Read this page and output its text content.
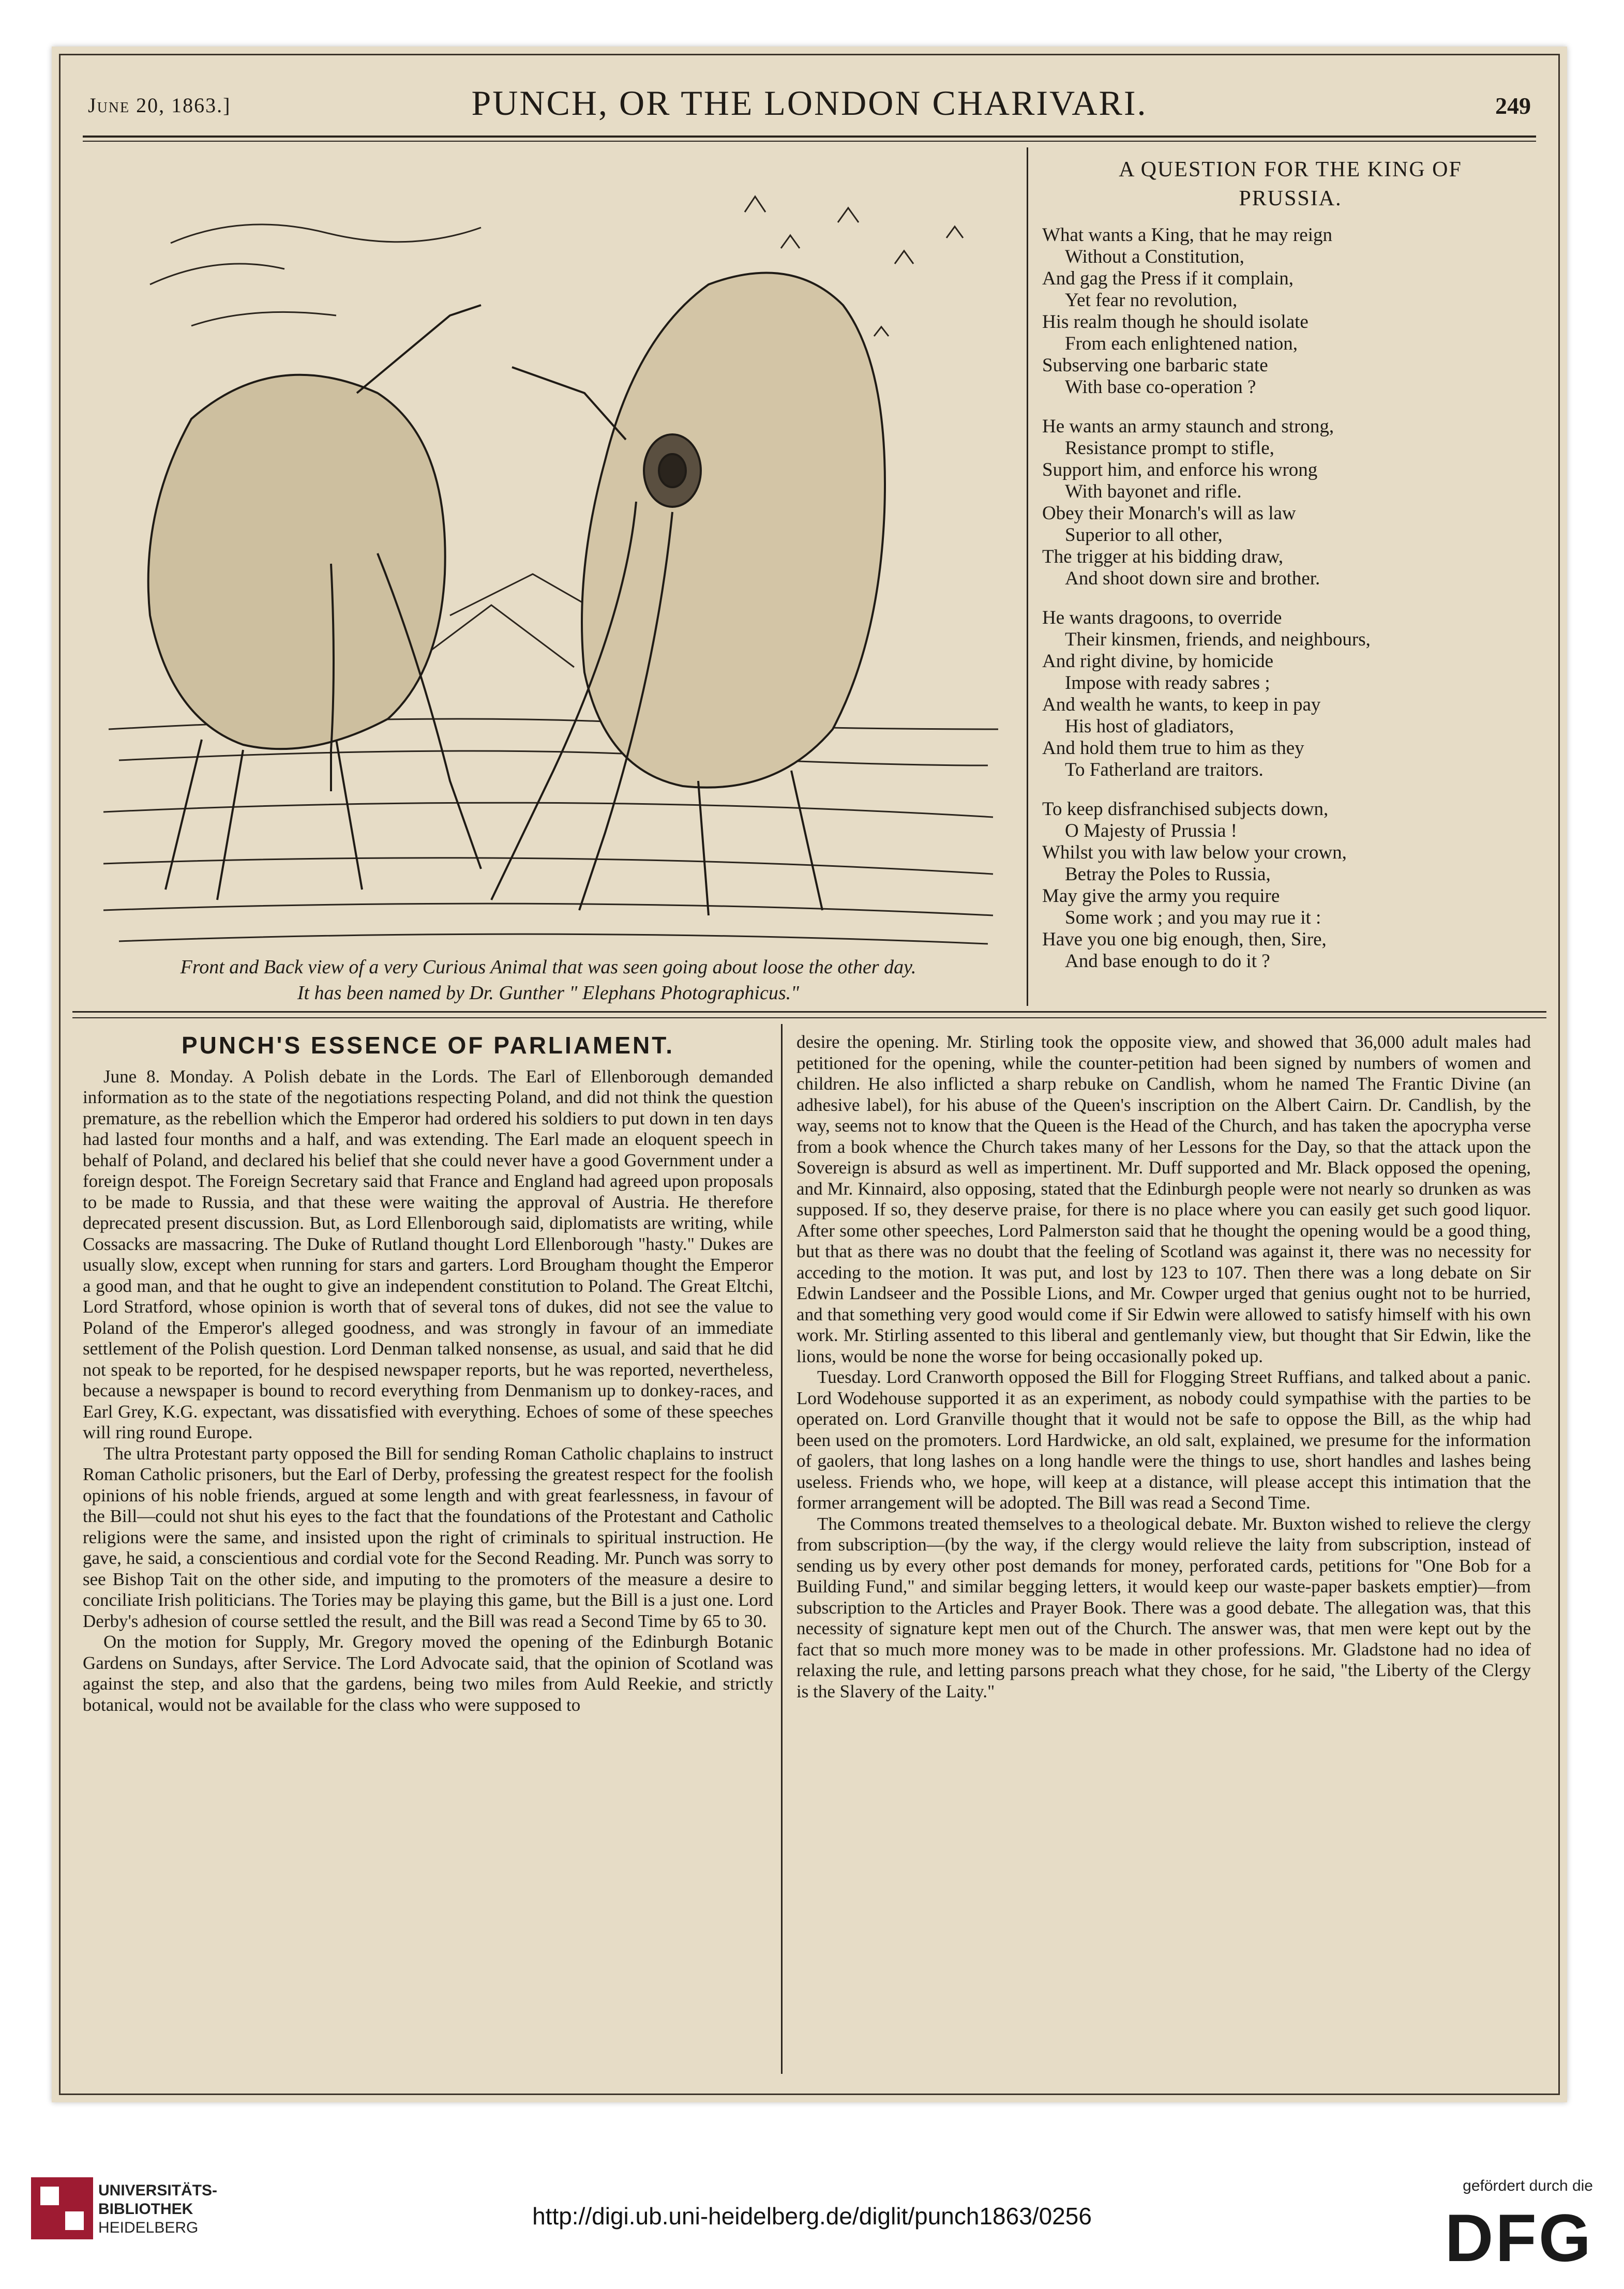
June 20, 1863.]	PUNCH, OR THE LONDON CHARIVARI.	249
Front and Back view of a very Curious Animal that was seen going about loose the other day.
It has been named by Dr. Gunther " Elephans Photographicus."
A QUESTION FOR THE KING OF
PRUSSIA.
What wants a King, that he may reign
Without a Constitution,
And gag the Press if it complain,
Yet fear no revolution,
His realm though he should isolate
From each enlightened nation,
Subserving one barbaric state
With base co-operation ?
He wants an army staunch and strong,
Resistance prompt to stifle,
Support him, and enforce his wrong
With bayonet and rifle.
Obey their Monarch's will as law
Superior to all other,
The trigger at his bidding draw,
And shoot down sire and brother.
He wants dragoons, to override
Their kinsmen, friends, and neighbours,
And right divine, by homicide
Impose with ready sabres ;
And wealth he wants, to keep in pay
His host of gladiators,
And hold them true to him as they
To Fatherland are traitors.
To keep disfranchised subjects down,
O Majesty of Prussia !
Whilst you with law below your crown,
Betray the Poles to Russia,
May give the army you require
Some work ; and you may rue it :
Have you one big enough, then, Sire,
And base enough to do it ?
PUNCH'S ESSENCE OF PARLIAMENT.

June 8. Monday. A Polish debate in the Lords. The Earl of Ellenborough demanded information as to the state of the negotiations respecting Poland, and did not think the question premature, as the rebellion which the Emperor had ordered his soldiers to put down in ten days had lasted four months and a half, and was extending. The Earl made an eloquent speech in behalf of Poland, and declared his belief that she could never have a good Government under a foreign despot. The Foreign Secretary said that France and England had agreed upon proposals to be made to Russia, and that these were waiting the approval of Austria. He therefore deprecated present discussion. But, as Lord Ellenborough said, diplomatists are writing, while Cossacks are massacring. The Duke of Rutland thought Lord Ellenborough "hasty." Dukes are usually slow, except when running for stars and garters. Lord Brougham thought the Emperor a good man, and that he ought to give an independent constitution to Poland. The Great Eltchi, Lord Stratford, whose opinion is worth that of several tons of dukes, did not see the value to Poland of the Emperor's alleged goodness, and was strongly in favour of an immediate settlement of the Polish question. Lord Denman talked nonsense, as usual, and said that he did not speak to be reported, for he despised newspaper reports, but he was reported, nevertheless, because a newspaper is bound to record everything from Denmanism up to donkey-races, and Earl Grey, K.G. expectant, was dissatisfied with everything. Echoes of some of these speeches will ring round Europe.

The ultra Protestant party opposed the Bill for sending Roman Catholic chaplains to instruct Roman Catholic prisoners, but the Earl of Derby, professing the greatest respect for the foolish opinions of his noble friends, argued at some length and with great fearlessness, in favour of the Bill—could not shut his eyes to the fact that the foundations of the Protestant and Catholic religions were the same, and insisted upon the right of criminals to spiritual instruction. He gave, he said, a conscientious and cordial vote for the Second Reading. Mr. Punch was sorry to see Bishop Tait on the other side, and imputing to the promoters of the measure a desire to conciliate Irish politicians. The Tories may be playing this game, but the Bill is a just one. Lord Derby's adhesion of course settled the result, and the Bill was read a Second Time by 65 to 30.

On the motion for Supply, Mr. Gregory moved the opening of the Edinburgh Botanic Gardens on Sundays, after Service. The Lord Advocate said, that the opinion of Scotland was against the step, and also that the gardens, being two miles from Auld Reekie, and strictly botanical, would not be available for the class who were supposed to

desire the opening. Mr. Stirling took the opposite view, and showed that 36,000 adult males had petitioned for the opening, while the counter-petition had been signed by numbers of women and children. He also inflicted a sharp rebuke on Candlish, whom he named The Frantic Divine (an adhesive label), for his abuse of the Queen's inscription on the Albert Cairn. Dr. Candlish, by the way, seems not to know that the Queen is the Head of the Church, and has taken the apocrypha verse from a book whence the Church takes many of her Lessons for the Day, so that the attack upon the Sovereign is absurd as well as impertinent. Mr. Duff supported and Mr. Black opposed the opening, and Mr. Kinnaird, also opposing, stated that the Edinburgh people were not nearly so drunken as was supposed. If so, they deserve praise, for there is no place where you can easily get such good liquor. After some other speeches, Lord Palmerston said that he thought the opening would be a good thing, but that as there was no doubt that the feeling of Scotland was against it, there was no necessity for acceding to the motion. It was put, and lost by 123 to 107. Then there was a long debate on Sir Edwin Landseer and the Possible Lions, and Mr. Cowper urged that genius ought not to be hurried, and that something very good would come if Sir Edwin were allowed to satisfy himself with his own work. Mr. Stirling assented to this liberal and gentlemanly view, but thought that Sir Edwin, like the lions, would be none the worse for being occasionally poked up.

Tuesday. Lord Cranworth opposed the Bill for Flogging Street Ruffians, and talked about a panic. Lord Wodehouse supported it as an experiment, as nobody could sympathise with the parties to be operated on. Lord Granville thought that it would not be safe to oppose the Bill, as the whip had been used on the promoters. Lord Hardwicke, an old salt, explained, we presume for the information of gaolers, that long lashes on a long handle were the things to use, short handles and lashes being useless. Friends who, we hope, will keep at a distance, will please accept this intimation that the former arrangement will be adopted. The Bill was read a Second Time.

The Commons treated themselves to a theological debate. Mr. Buxton wished to relieve the clergy from subscription—(by the way, if the clergy would relieve the laity from subscription, instead of sending us by every other post demands for money, perforated cards, petitions for "One Bob for a Building Fund," and similar begging letters, it would keep our waste-paper baskets emptier)—from subscription to the Articles and Prayer Book. There was a good debate. The allegation was, that this necessity of signature kept men out of the Church. The answer was, that men were kept out by the fact that so much more money was to be made in other professions. Mr. Gladstone had no idea of relaxing the rule, and letting parsons preach what they chose, for he said, "the Liberty of the Clergy is the Slavery of the Laity."

UNIVERSITÄTS-
BIBLIOTHEK
HEIDELBERG	http://digi.ub.uni-heidelberg.de/diglit/punch1863/0256
gefördert durch die
DFG
